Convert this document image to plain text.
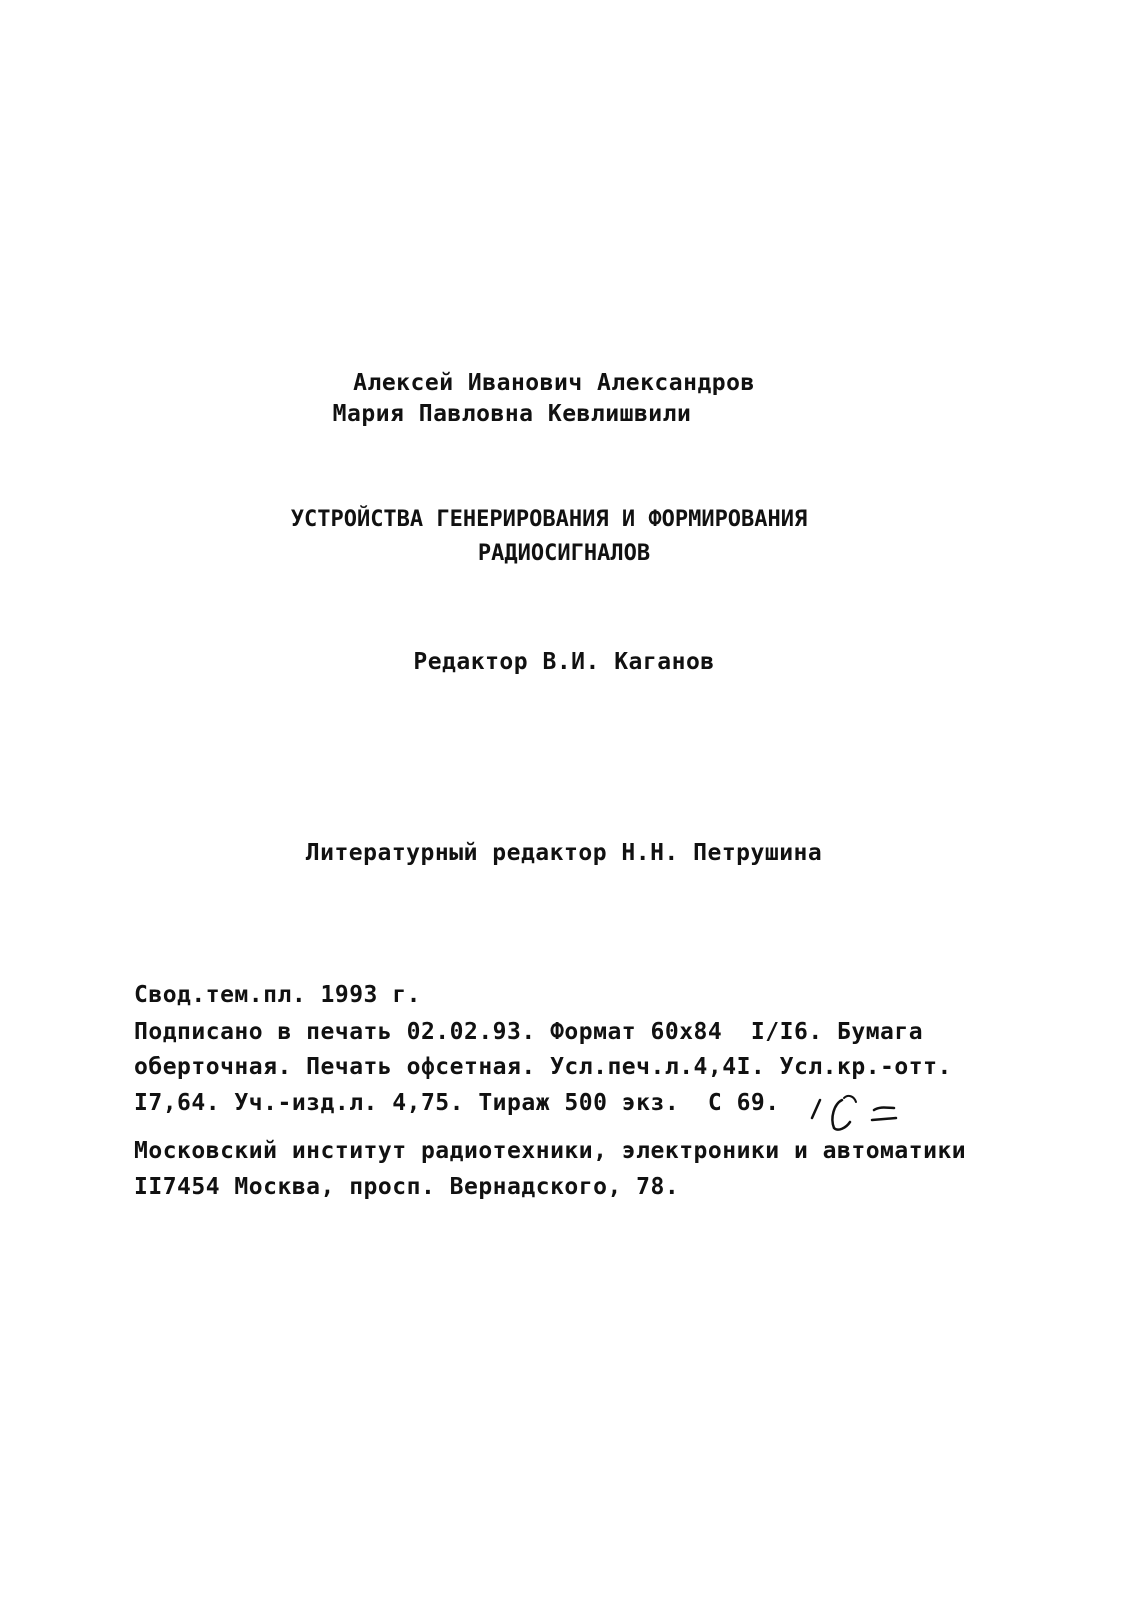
Алексей Иванович Александров
Мария Павловна Кевлишвили
УСТРОЙСТВА ГЕНЕРИРОВАНИЯ И ФОРМИРОВАНИЯ
РАДИОСИГНАЛОВ
Редактор В.И. Каганов
Литературный редактор Н.Н. Петрушина
Свод.тем.пл. 1993 г.
Подписано в печать 02.02.93. Формат 60х84  I/I6. Бумага
оберточная. Печать офсетная. Усл.печ.л.4,4I. Усл.кр.-отт.
I7,64. Уч.-изд.л. 4,75. Тираж 500 экз.  С 69.
Московский институт радиотехники, электроники и автоматики
II7454 Москва, просп. Вернадского, 78.
